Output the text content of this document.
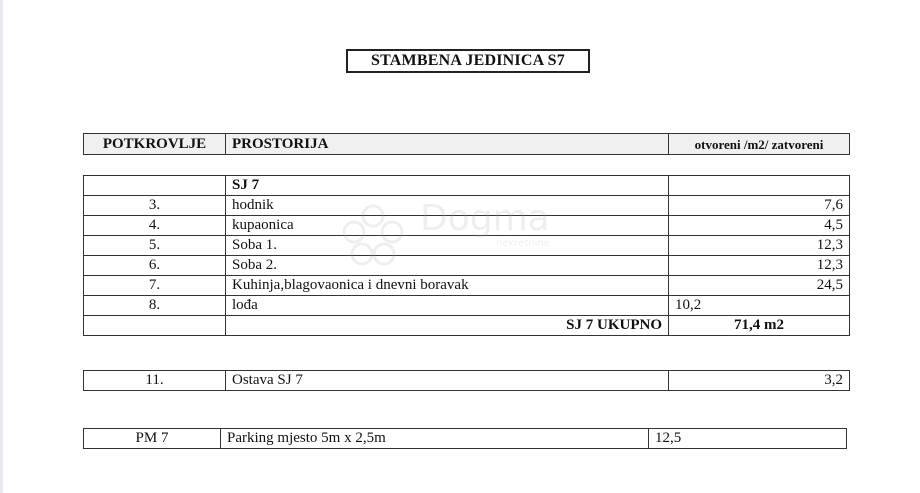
STAMBENA JEDINICA S7
POTKROVLJE	PROSTORIJA	otvoreni /m2/ zatvoreni
	SJ 7	
3.	hodnik	7,6
4.	kupaonica	4,5
5.	Soba 1.	12,3
6.	Soba 2.	12,3
7.	Kuhinja,blagovaonica i dnevni boravak	24,5
8.	lođa	10,2
	SJ 7 UKUPNO	71,4 m2
11.	Ostava SJ 7	3,2
PM 7	Parking mjesto 5m x 2,5m	12,5
Dogma
nekretnine
